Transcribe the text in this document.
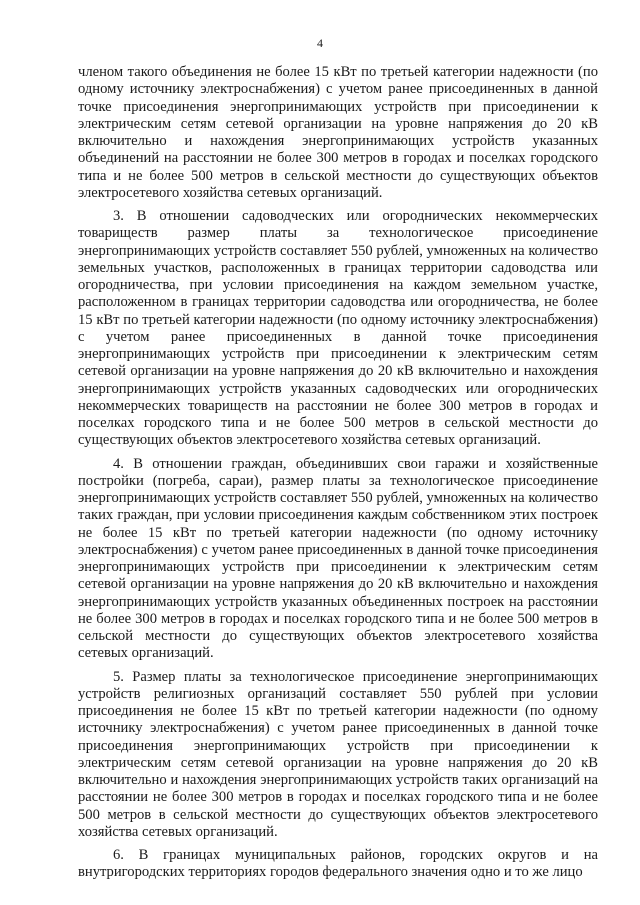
4

членом такого объединения не более 15 кВт по третьей категории надежности (по одному источнику электроснабжения) с учетом ранее присоединенных в данной точке присоединения энергопринимающих устройств при присоединении к электрическим сетям сетевой организации на уровне напряжения до 20 кВ включительно и нахождения энергопринимающих устройств указанных объединений на расстоянии не более 300 метров в городах и поселках городского типа и не более 500 метров в сельской местности до существующих объектов электросетевого хозяйства сетевых организаций.

3. В отношении садоводческих или огороднических некоммерческих товариществ размер платы за технологическое присоединение энергопринимающих устройств составляет 550 рублей, умноженных на количество земельных участков, расположенных в границах территории садоводства или огородничества, при условии присоединения на каждом земельном участке, расположенном в границах территории садоводства или огородничества, не более 15 кВт по третьей категории надежности (по одному источнику электроснабжения) с учетом ранее присоединенных в данной точке присоединения энергопринимающих устройств при присоединении к электрическим сетям сетевой организации на уровне напряжения до 20 кВ включительно и нахождения энергопринимающих устройств указанных садоводческих или огороднических некоммерческих товариществ на расстоянии не более 300 метров в городах и поселках городского типа и не более 500 метров в сельской местности до существующих объектов электросетевого хозяйства сетевых организаций.

4. В отношении граждан, объединивших свои гаражи и хозяйственные постройки (погреба, сараи), размер платы за технологическое присоединение энергопринимающих устройств составляет 550 рублей, умноженных на количество таких граждан, при условии присоединения каждым собственником этих построек не более 15 кВт по третьей категории надежности (по одному источнику электроснабжения) с учетом ранее присоединенных в данной точке присоединения энергопринимающих устройств при присоединении к электрическим сетям сетевой организации на уровне напряжения до 20 кВ включительно и нахождения энергопринимающих устройств указанных объединенных построек на расстоянии не более 300 метров в городах и поселках городского типа и не более 500 метров в сельской местности до существующих объектов электросетевого хозяйства сетевых организаций.

5. Размер платы за технологическое присоединение энергопринимающих устройств религиозных организаций составляет 550 рублей при условии присоединения не более 15 кВт по третьей категории надежности (по одному источнику электроснабжения) с учетом ранее присоединенных в данной точке присоединения энергопринимающих устройств при присоединении к электрическим сетям сетевой организации на уровне напряжения до 20 кВ включительно и нахождения энергопринимающих устройств таких организаций на расстоянии не более 300 метров в городах и поселках городского типа и не более 500 метров в сельской местности до существующих объектов электросетевого хозяйства сетевых организаций.

6. В границах муниципальных районов, городских округов и на внутригородских территориях городов федерального значения одно и то же лицо
